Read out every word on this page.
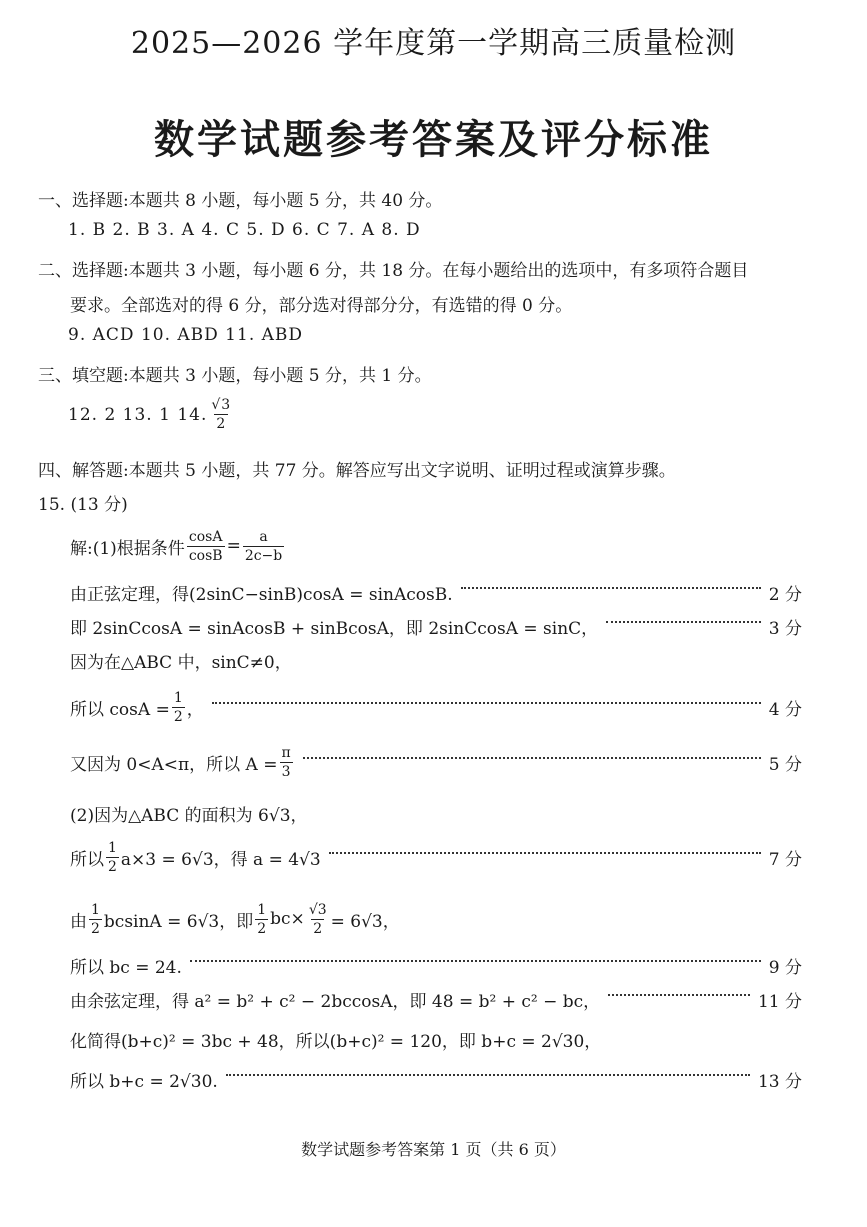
2025—2026 学年度第一学期高三质量检测
数学试题参考答案及评分标准
一、选择题:本题共 8 小题，每小题 5 分，共 40 分。
1. B 2. B 3. A 4. C 5. D 6. C 7. A 8. D
二、选择题:本题共 3 小题，每小题 6 分，共 18 分。在每小题给出的选项中，有多项符合题目
要求。全部选对的得 6 分，部分选对得部分分，有选错的得 0 分。
9. ACD 10. ABD 11. ABD
三、填空题:本题共 3 小题，每小题 5 分，共 1 分。
12. 2 13. 1 14. $\frac{√3}{2}$
四、解答题:本题共 5 小题，共 77 分。解答应写出文字说明、证明过程或演算步骤。
15. (13 分)
解:(1)根据条件 $\frac{\cos A}{\cos B} = \frac{a}{2c-b}$
由正弦定理，得(2sinC−sinB)cosA = sinAcosB.	2 分
即 2sinCcosA = sinAcosB + sinBcosA，即 2sinCcosA = sinC，	3 分
因为在△ABC 中，sinC≠0，
所以 $\cos A = \frac{1}{2}$ ，	4 分
又因为 0<A<π，所以 $A = \frac{\pi}{3}$	5 分
(2)因为△ABC 的面积为 6√3，
所以 $\frac{1}{2} a\times 3 = 6√3$，得 a = 4√3	7 分
由 $\frac{1}{2}$ bcsinA = 6√3，即 $\frac{1}{2} bc\times \frac{√3}{2} = 6√3$，
所以 bc = 24.	9 分
由余弦定理，得 a² = b² + c² − 2bccosA，即 48 = b² + c² − bc，	11 分
化简得(b+c)² = 3bc + 48，所以(b+c)² = 120，即 b+c = 2√30，
所以 b+c = 2√30.	13 分
数学试题参考答案第 1 页（共 6 页）
